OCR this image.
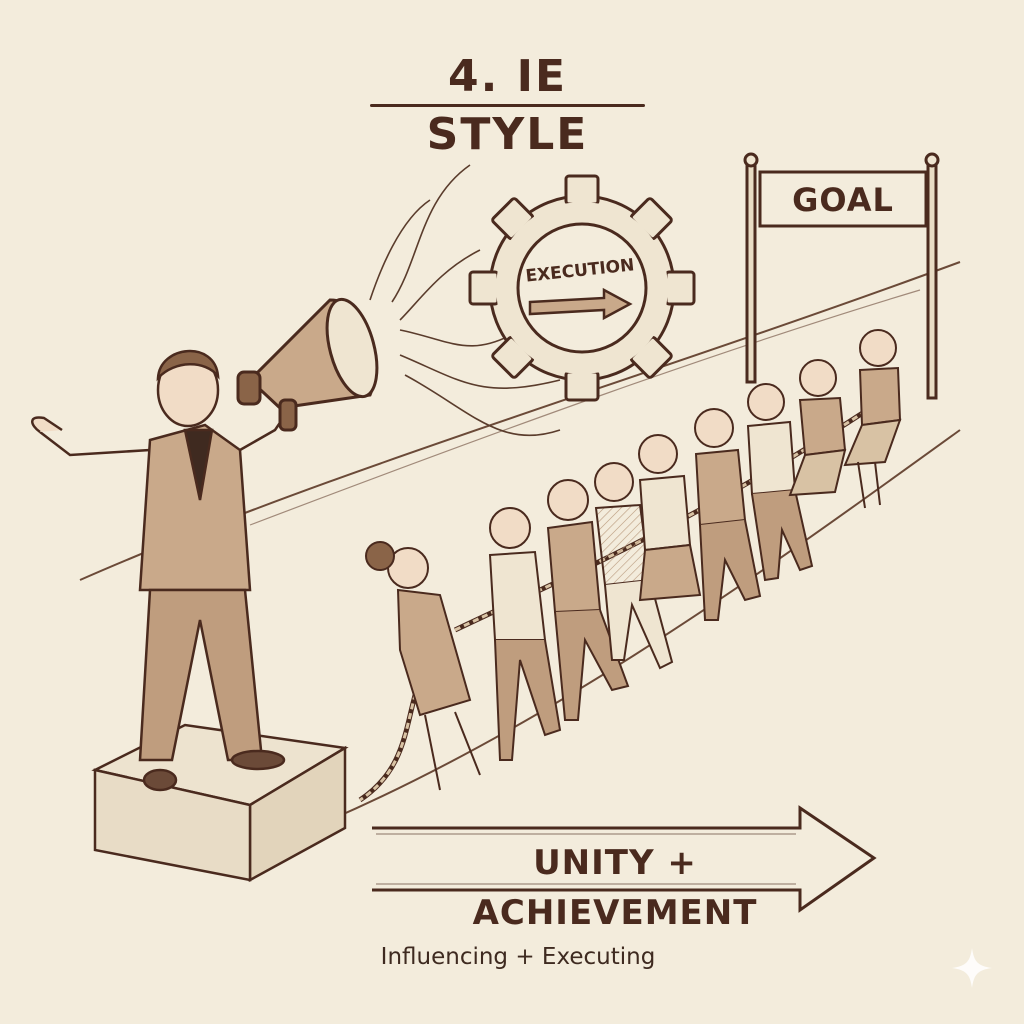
4. IE STYLE
GOAL
EXECUTION
UNITY + ACHIEVEMENT
Influencing + Executing
